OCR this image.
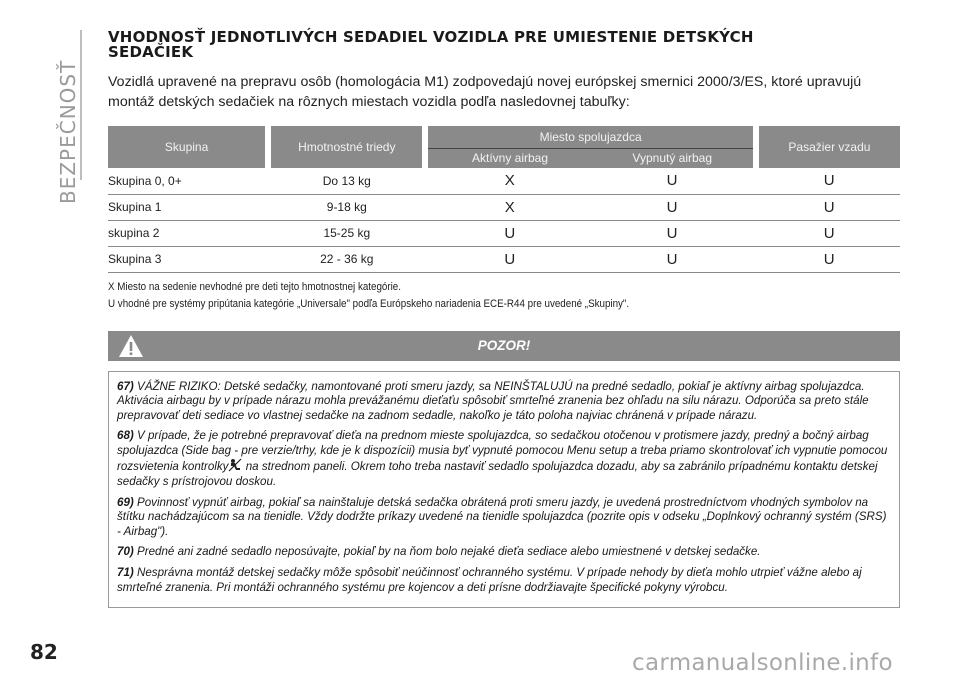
BEZPEČNOSŤ
VHODNOSŤ JEDNOTLIVÝCH SEDADIEL VOZIDLA PRE UMIESTENIE DETSKÝCH
SEDAČIEK

Vozidlá upravené na prepravu osôb (homologácia M1) zodpovedajú novej európskej smernici 2000/3/ES, ktoré upravujú montáž detských sedačiek na rôznych miestach vozidla podľa nasledovnej tabuľky:

Skupina		Hmotnostné triedy		Miesto spolujazdca			Pasažier vzadu
				Aktívny airbag	Vypnutý airbag		
Skupina 0, 0+		Do 13 kg		X	U		U
Skupina 1		9-18 kg		X	U		U
skupina 2		15-25 kg		U	U		U
Skupina 3		22 - 36 kg		U	U		U
X Miesto na sedenie nevhodné pre deti tejto hmotnostnej kategórie.
U vhodné pre systémy pripútania kategórie „Universale" podľa Európskeho nariadenia ECE-R44 pre uvedené „Skupiny".
POZOR!

67) VÁŽNE RIZIKO: Detské sedačky, namontované proti smeru jazdy, sa NEINŠTALUJÚ na predné sedadlo, pokiaľ je aktívny airbag spolujazdca. Aktivácia airbagu by v prípade nárazu mohla prevážanému dieťaťu spôsobiť smrteľné zranenia bez ohľadu na silu nárazu. Odporúča sa preto stále prepravovať deti sediace vo vlastnej sedačke na zadnom sedadle, nakoľko je táto poloha najviac chránená v prípade nárazu.

68) V prípade, že je potrebné prepravovať dieťa na prednom mieste spolujazdca, so sedačkou otočenou v protismere jazdy, predný a bočný airbag spolujazdca (Side bag - pre verzie/trhy, kde je k dispozícii) musia byť vypnuté pomocou Menu setup a treba priamo skontrolovať ich vypnutie pomocou rozsvietenia kontrolky na strednom paneli. Okrem toho treba nastaviť sedadlo spolujazdca dozadu, aby sa zabránilo prípadnému kontaktu detskej sedačky s prístrojovou doskou.

69) Povinnosť vypnúť airbag, pokiaľ sa nainštaluje detská sedačka obrátená proti smeru jazdy, je uvedená prostredníctvom vhodných symbolov na štítku nachádzajúcom sa na tienidle. Vždy dodržte príkazy uvedené na tienidle spolujazdca (pozrite opis v odseku „Doplnkový ochranný systém (SRS) - Airbag").

70) Predné ani zadné sedadlo neposúvajte, pokiaľ by na ňom bolo nejaké dieťa sediace alebo umiestnené v detskej sedačke.

71) Nesprávna montáž detskej sedačky môže spôsobiť neúčinnosť ochranného systému. V prípade nehody by dieťa mohlo utrpieť vážne alebo aj smrteľné zranenia. Pri montáži ochranného systému pre kojencov a deti prísne dodržiavajte špecifické pokyny výrobcu.

82	carmanualsonline.info
